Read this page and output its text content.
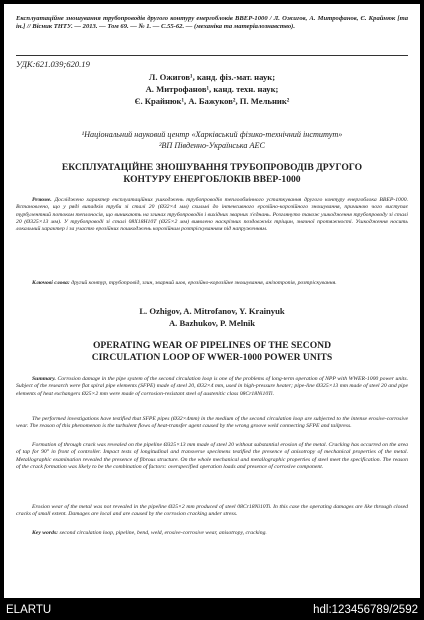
Експлуатаційне зношування трубопроводів другого контуру енергоблоків ВВЕР-1000 / Л. Ожигов, А. Митрофанов, Є. Крайнюк [та ін.] // Вісник ТНТУ. — 2013. — Том 69. — № 1. — С.55-62. — (механіка та матеріалознавство).
УДК:621.039;620.19
Л. Ожигов¹, канд. фіз.-мат. наук;
А. Митрофанов¹, канд. техн. наук;
Є. Крайнюк¹, А. Бажуков², П. Мельник²
¹Національний науковий центр «Харківський фізико-технічний інститут»
²ВП Південно-Українська АЕС
ЕКСПЛУАТАЦІЙНЕ ЗНОШУВАННЯ ТРУБОПРОВОДІВ ДРУГОГО
КОНТУРУ ЕНЕРГОБЛОКІВ ВВЕР-1000
Резюме. Досліджено характер експлуатаційних ушкоджень трубопроводів теплообмінного устаткування другого контуру енергоблока ВВЕР-1000. Встановлено, що у ряді випадків труби зі сталі 20 (Ø32×4 мм) схильні до інтенсивного ерозійно-корозійного зношування, причиною чого виступає турбулентний потоком теплоносія, що виникають на згинах трубопроводів і вихідних зварних з'єднань. Розглянуто також ушкодження трубопроводу зі сталі 20 (Ø325×13 мм). У трубопроводі зі сталі 08Х18Н10Т (Ø25×2 мм) виявлено наскрізних поздовжніх тріщин, значної протяжності. Ушкодження носить локальний характер і за участю ерозійних пошкоджень корозійним розтріскуванням під напруженням.
Ключові слова: другий контур, трубопровід, згин, зварний шов, ерозійно-корозійне зношування, анізотропія, розтріскування.
L. Ozhigov, A. Mitrofanov, Y. Krainyuk
A. Bazhukov, P. Melnik
OPERATING WEAR OF PIPELINES OF THE SECOND
CIRCULATION LOOP OF WWER-1000 POWER UNITS
Summary. Corrosion damage in the pipe system of the second circulation loop is one of the problems of long-term operation of NPP with WWER-1000 power units. Subject of the research were flat spiral pipe elements (SFPE) made of steel 20, Ø32×4 mm, used in high-pressure heater; pipe-line Ø325×13 mm made of steel 20 and pipe elements of heat exchangers Ø25×2 mm were made of corrosion-resistant steel of austenitic class 08Cr18Ni10Ti.
The performed investigations have testified that SFPE pipes (Ø32×4mm) in the medium of the second circulation loop are subjected to the intense erosive-corrosive wear. The reason of this phenomenon is the turbulent flows of heat-transfer agent caused by the wrong groove weld connecting SFPE and tailpress.
Formation of through crack was revealed on the pipeline Ø325×13 mm made of steel 20 without substantial erosion of the metal. Cracking has occurred on the area of tap for 90° in front of controller. Impact tests of longitudinal and transverse specimens testified the presence of anisotropy of mechanical properties of the metal. Metallographic examination revealed the presence of fibrous structure. On the whole mechanical and metallographic properties of steel meet the specification. The reason of the crack formation was likely to be the combination of factors: overspecified operation loads and presence of corrosive component.
Erosion wear of the metal was not revealed in the pipeline Ø25×2 mm produced of steel 08Cr18Ni10Ti. In this case the operating damages are like through closed cracks of small extent. Damages are local and are caused by the corrosion cracking under stress.
Key words: second circulation loop, pipeline, bend, weld, erosive-corrosive wear, anisotropy, cracking.
ELARTU	hdl:123456789/2592
